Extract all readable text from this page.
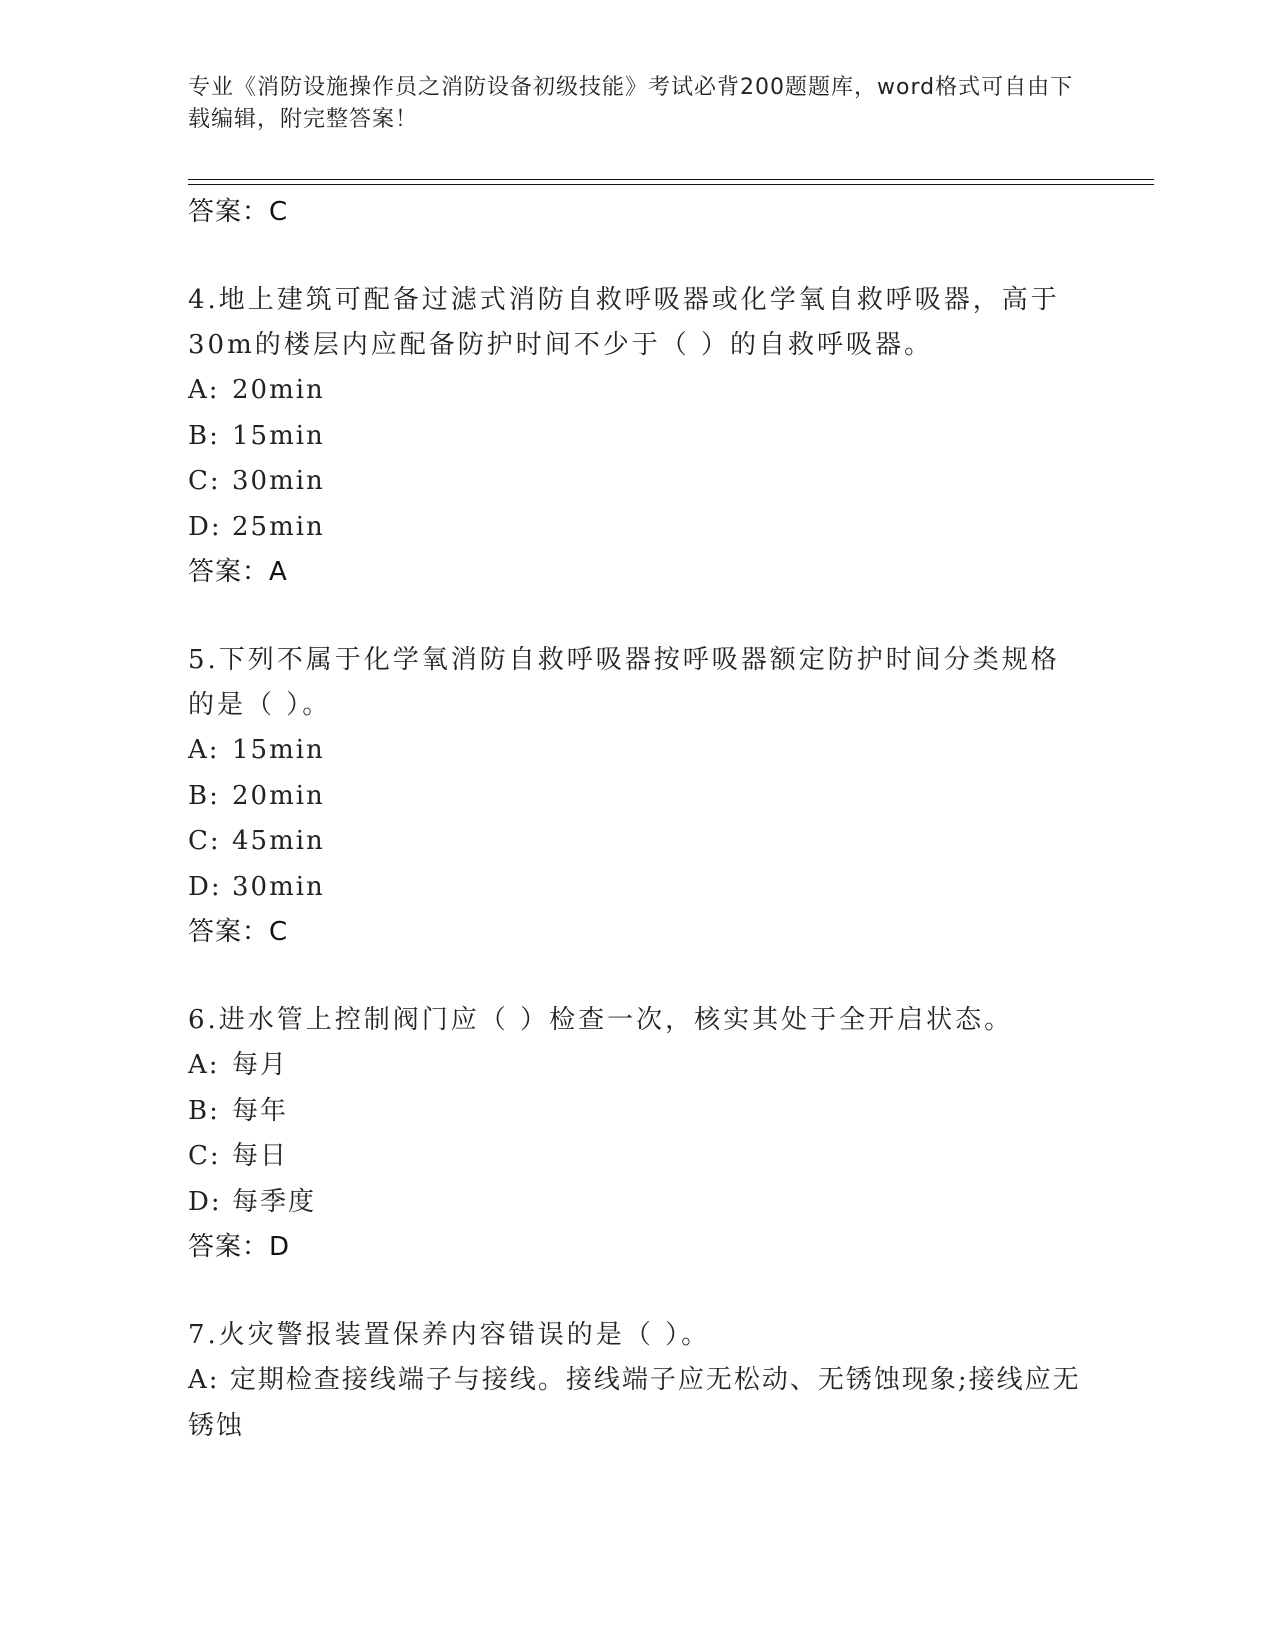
专业《消防设施操作员之消防设备初级技能》考试必背200题题库，word格式可自由下载编辑，附完整答案！

答案：C

4.地上建筑可配备过滤式消防自救呼吸器或化学氧自救呼吸器，高于30m的楼层内应配备防护时间不少于（ ）的自救呼吸器。

A: 20min

B: 15min

C: 30min

D: 25min

答案：A

5.下列不属于化学氧消防自救呼吸器按呼吸器额定防护时间分类规格的是（ ）。

A: 15min

B: 20min

C: 45min

D: 30min

答案：C

6.进水管上控制阀门应（ ）检查一次，核实其处于全开启状态。

A: 每月

B: 每年

C: 每日

D: 每季度

答案：D

7.火灾警报装置保养内容错误的是（ ）。

A: 定期检查接线端子与接线。接线端子应无松动、无锈蚀现象;接线应无锈蚀
